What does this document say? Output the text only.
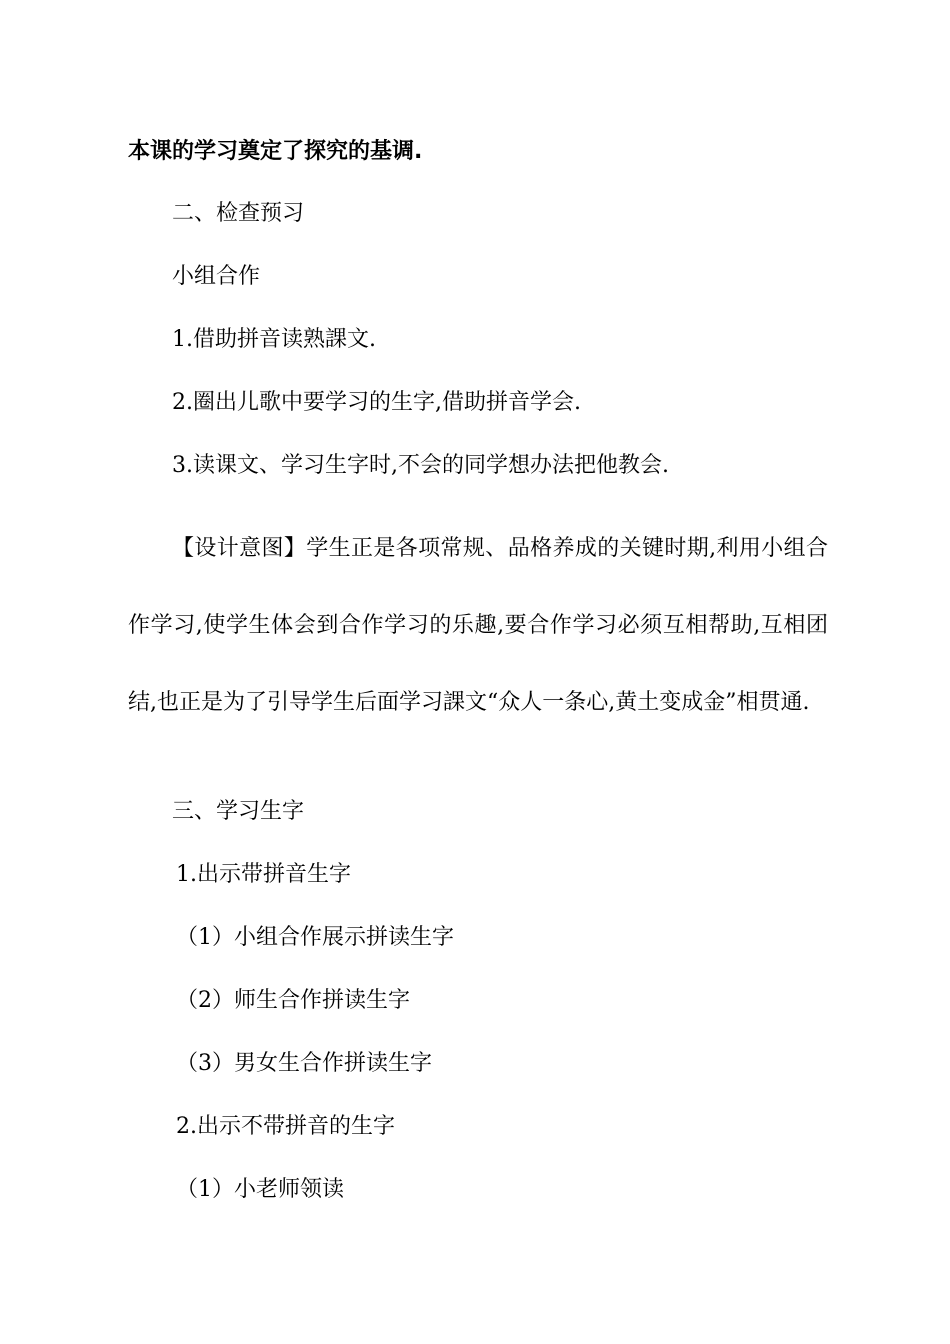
本课的学习奠定了探究的基调.

二、检查预习

小组合作

1.借助拼音读熟課文.

2.圈出儿歌中要学习的生字,借助拼音学会.

3.读课文、学习生字时,不会的同学想办法把他教会.

【设计意图】学生正是各项常规、品格养成的关键时期,利用小组合作学习,使学生体会到合作学习的乐趣,要合作学习必须互相帮助,互相团结,也正是为了引导学生后面学习課文“众人一条心,黄土变成金”相贯通.

三、学习生字

1.出示带拼音生字

（1）小组合作展示拼读生字

（2）师生合作拼读生字

（3）男女生合作拼读生字

2.出示不带拼音的生字

（1）小老师领读
